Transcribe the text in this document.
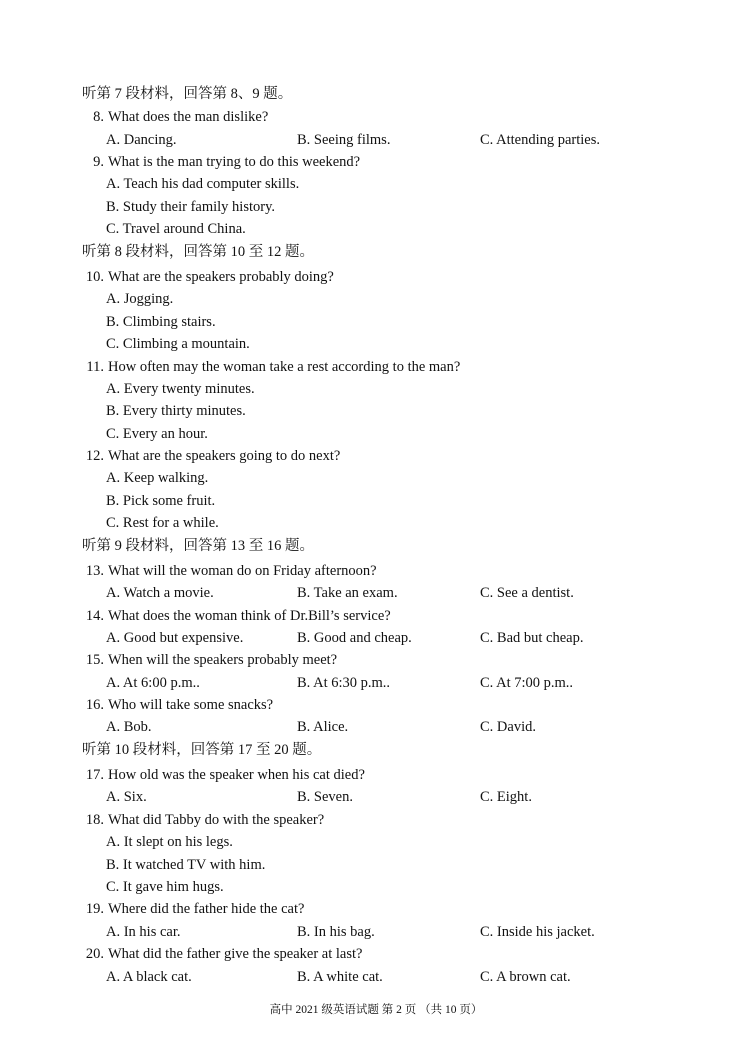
听第 7 段材料，回答第 8、9 题。
8. What does the man dislike?
A. Dancing.	B. Seeing films.	C. Attending parties.
9. What is the man trying to do this weekend?
A. Teach his dad computer skills.
B. Study their family history.
C. Travel around China.
听第 8 段材料，回答第 10 至 12 题。
10. What are the speakers probably doing?
A. Jogging.
B. Climbing stairs.
C. Climbing a mountain.
11. How often may the woman take a rest according to the man?
A. Every twenty minutes.
B. Every thirty minutes.
C. Every an hour.
12. What are the speakers going to do next?
A. Keep walking.
B. Pick some fruit.
C. Rest for a while.
听第 9 段材料，回答第 13 至 16 题。
13. What will the woman do on Friday afternoon?
A. Watch a movie.	B. Take an exam.	C. See a dentist.
14. What does the woman think of Dr.Bill’s service?
A. Good but expensive.	B. Good and cheap.	C. Bad but cheap.
15. When will the speakers probably meet?
A. At 6:00 p.m..	B. At 6:30 p.m..	C. At 7:00 p.m..
16. Who will take some snacks?
A. Bob.	B. Alice.	C. David.
听第 10 段材料，回答第 17 至 20 题。
17. How old was the speaker when his cat died?
A. Six.	B. Seven.	C. Eight.
18. What did Tabby do with the speaker?
A. It slept on his legs.
B. It watched TV with him.
C. It gave him hugs.
19. Where did the father hide the cat?
A. In his car.	B. In his bag.	C. Inside his jacket.
20. What did the father give the speaker at last?
A. A black cat.	B. A white cat.	C. A brown cat.
高中 2021 级英语试题 第 2 页 （共 10 页）
